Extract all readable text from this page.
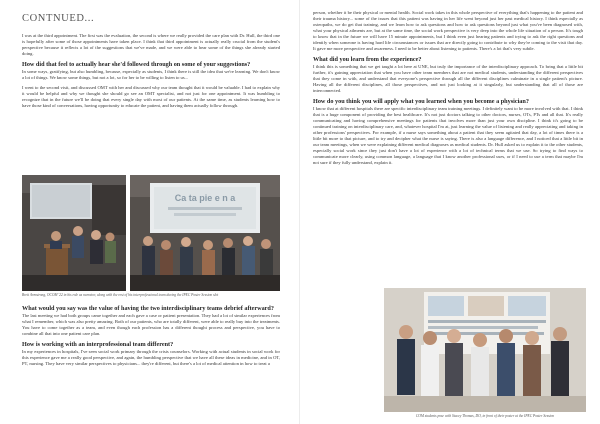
CONTNUED...

I was at the third appointment. The first was the evaluation, the second is where we really provided the care plan with Dr. Hull, the third one is hopefully after some of those appointments have taken place. I think that third appointment is actually really crucial from the student's perspective because it reflects a lot of the suggestions that we've made, and we were able to hear some of the things she already started doing.

How did that feel to actually hear she'd followed through on some of your suggestions?

In some ways, gratifying, but also humbling, because, especially as students, I think there is still the idea that we're learning. We don't know a lot of things. We know some things, but not a lot, so for her to be willing to listen to us...

I went to the second visit, and discussed OMT with her and discussed why our team thought that it would be valuable. I had to explain why it would be helpful and why we thought she should go see an OMT specialist, and not just for one appointment. It was humbling to recognize that in the future we'll be doing that every single day with most of our patients. At the same time, as students learning how to have those kind of conversations, having opportunity to educate the patient, and having them actually follow through.

Ca ta pie e n a

Brett Armstrong, OCOM '22 in his role as narrator, along with the rest of his interprofessional team during the IPEC Poster Session slot

What would you say was the value of having the two interdisciplinary teams debrief afterward?

The last meeting we had both groups came together and each gave a case or patient presentation. They had a lot of similar experiences from what I remember, which was also pretty amazing. Both of our patients, who are totally different, were able to really buy into the treatments. You have to come together as a team, and even though each profession has a different thought process and perspective, you have to combine all that into one patient care plan.

How is working with an interprofessional team different?

In my experiences in hospitals, I've seen social work primary through the crisis counselors. Working with actual students in social work for this experience gave me a really good perspective, and again, the humbling perspective that we have all these ideas in medicine, and in OT, PT, nursing. They have very similar perspectives to physicians... they're different, but there's a lot of medical attention in how to treat a

person, whether it be their physical or mental health. Social work takes in this whole perspective of everything that's happening to the patient and their trauma history... some of the issues that this patient was having in her life went beyond just her past medical history. I think especially as osteopaths, we do get that training, and we learn how to ask questions and how to ask questions beyond just what you've been diagnosed with, what your physical ailments are, but at the same time, the social work perspective is very deep into the whole life situation of a person. It's tough to know that in the future we will have 15 minute appointments, but I think even just hearing patients and trying to ask the right questions and identify when someone is having hard life circumstances or issues that are directly going to contribute to why they're coming to the visit that day. It gave me more perspective and awareness. I need to be better about listening to patients. There's a lot that's very subtle.

What did you learn from the experience?

I think this is something that we get taught a lot here at UNE, but truly the importance of the interdisciplinary approach. To bring that a little bit further, it's gaining appreciation that when you have other team members that are not medical students, understanding the different perspectives that they come in with, and understand that everyone's perspective through all the different disciplines culminate in a single patient's picture. Having all the different disciplines, all those perspectives, and not just looking at it singularly, but understanding that all of those are interconnected.

How do you think you will apply what you learned when you become a physician?

I know that at different hospitals there are specific interdisciplinary team training meetings. I definitely want to be more involved with that. I think that is a huge component of providing the best healthcare. It's not just doctors talking to other doctors, nurses, OTs, PTs and all that. It's really communicating and having comprehensive meetings for patients that involves more than just your own discipline. I think it's going to be continued training on interdisciplinary care, and, whatever hospital I'm at, just learning the value of listening and really appreciating and taking in other professions' perspectives. For example, if a nurse says something about a patient that they seem agitated that day, a lot of times there is a little bit more to that picture, and to try and decipher what the nurse is saying. There is also a language difference, and I noticed that a little bit in our team meetings, when we were explaining different medical diagnoses as medical students. Dr. Hull asked us to explain it to the other students, especially social work since they just don't have a lot of experience with a lot of technical terms that we use. So trying to find ways to communicate more clearly, using common language, a language that I know another professional uses, or if I need to use a term that maybe I'm not sure if they fully understand, explain it.

COM students pose with Stacey Thomas, DO, in front of their poster at the IPEC Poster Session
